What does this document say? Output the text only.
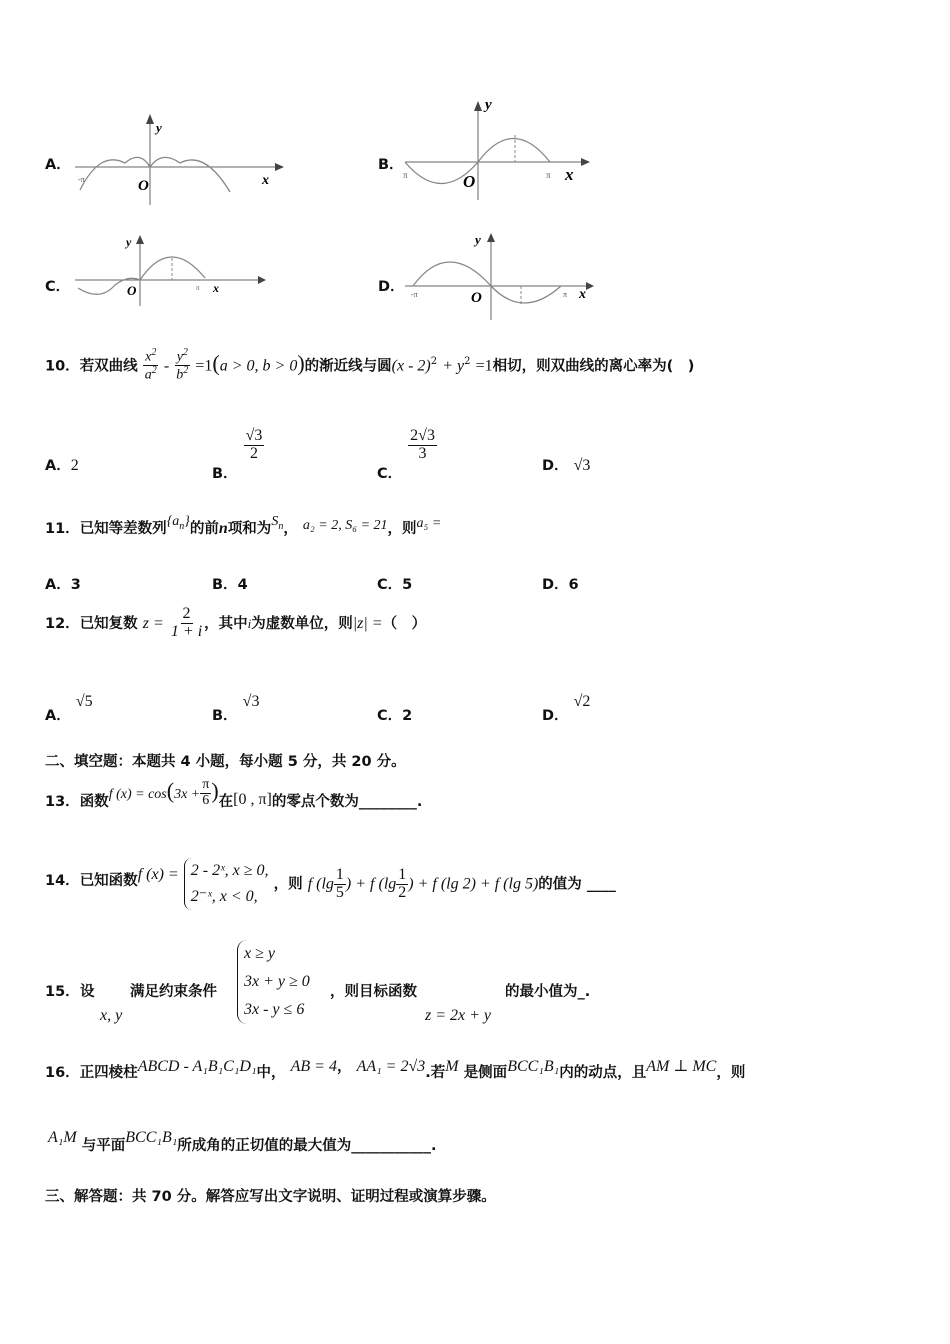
A．
y
O	x
-π
B．
y
O	x
π	π
C．
y
O	x
π	D．
y
O	x
-π	π
10．若双曲线 $\frac{x^2}{a^2} - \frac{y^2}{b^2} =1(a > 0$, b > 0)的渐近线与圆$(x - 2)^2 + y^2 =1$相切，则双曲线的离心率为(　)
A．2	B．
$\frac{√3}{2}$
C．
$\frac{2√3}{3}$
D． √3
11．已知等差数列$\{a_n\}$的前n项和为$S_n$， a₂ = 2, S₆ = 21，则a₅ =
A．3	B．4	C．5	D．6
12．已知复数 $z = \frac{2}{1 + i}$ ，其中i为虚数单位，则|z| =（　）
A． √5
B． √3
C．2	D． √2
二、填空题：本题共 4 小题，每小题 5 分，共 20 分。
13．函数f $(x) = \cos(3x + \frac{\pi}{6}$ )在[0 , π]的零点个数为________.
14．已知函数f (x) = 2 - 2ˣ, x ≥ 0,
2⁻ˣ, x < 0,
，则 f ($\lg \frac{1}{5}$ ) + f ($\lg \frac{1}{2}$ ) + f (lg 2) + f (lg 5)的值为 ____
15． 设
x, y
满足约束条件
x ≥ y
3x + y ≥ 0
3x - y ≤ 6
，则目标函数
z = 2x + y
的最小值为_.
16．正四棱柱ABCD - A₁B₁C₁D₁中， AB = 4， AA₁ = 2√3.若M 是侧面BCC₁B₁内的动点，且AM ⊥ MC，则
A₁M 与平面BCC₁B₁所成角的正切值的最大值为___________.
三、解答题：共 70 分。解答应写出文字说明、证明过程或演算步骤。
